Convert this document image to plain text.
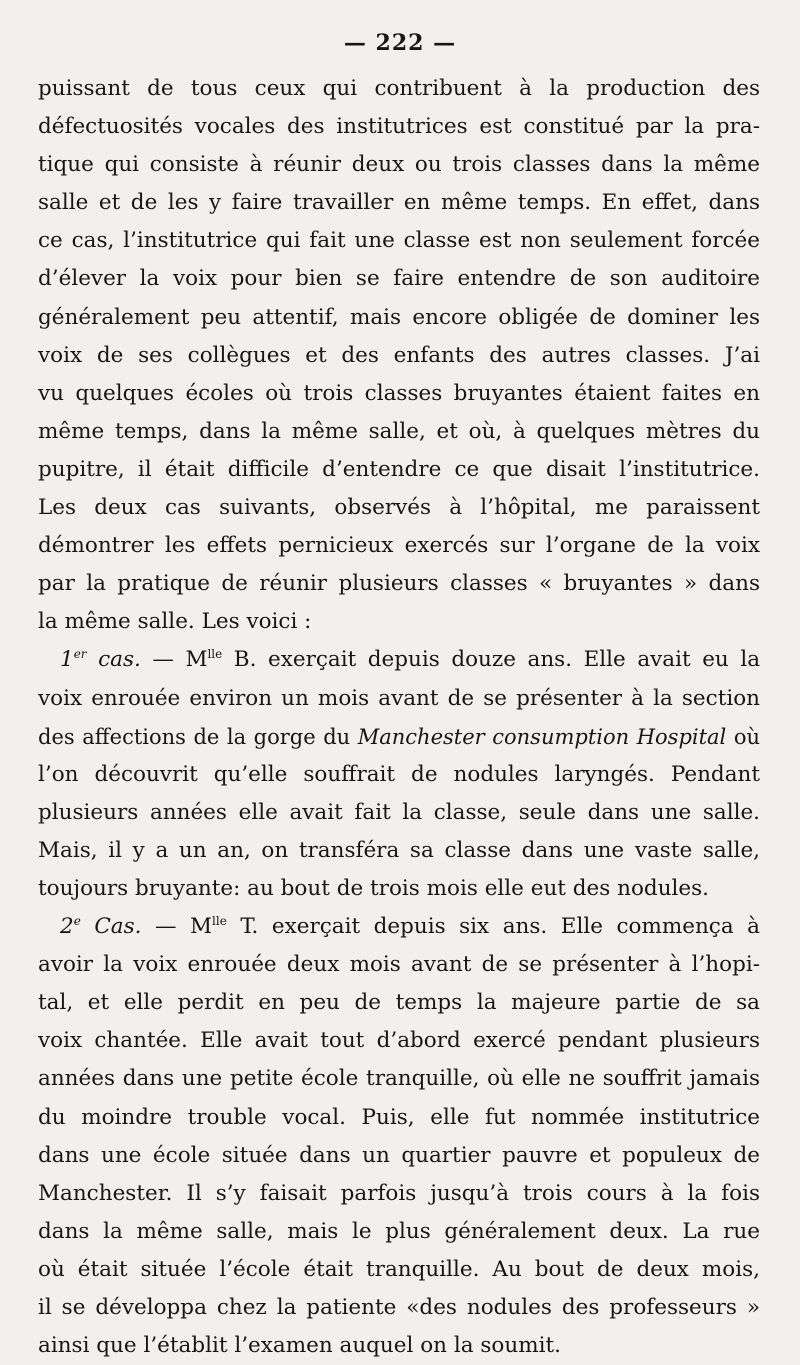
— 222 —
puissant de tous ceux qui contribuent à la production des
défectuosités vocales des institutrices est constitué par la pra-
tique qui consiste à réunir deux ou trois classes dans la même
salle et de les y faire travailler en même temps. En effet, dans
ce cas, l’institutrice qui fait une classe est non seulement forcée
d’élever la voix pour bien se faire entendre de son auditoire
généralement peu attentif, mais encore obligée de dominer les
voix de ses collègues et des enfants des autres classes. J’ai
vu quelques écoles où trois classes bruyantes étaient faites en
même temps, dans la même salle, et où, à quelques mètres du
pupitre, il était difficile d’entendre ce que disait l’institutrice.
Les deux cas suivants, observés à l’hôpital, me paraissent
démontrer les effets pernicieux exercés sur l’organe de la voix
par la pratique de réunir plusieurs classes « bruyantes » dans
la même salle. Les voici :
1er cas. — $M^{lle}$ B. exerçait depuis douze ans. Elle avait eu la
voix enrouée environ un mois avant de se présenter à la section
des affections de la gorge du Manchester consumption Hospital où
l’on découvrit qu’elle souffrait de nodules laryngés. Pendant
plusieurs années elle avait fait la classe, seule dans une salle.
Mais, il y a un an, on transféra sa classe dans une vaste salle,
toujours bruyante: au bout de trois mois elle eut des nodules.
2e Cas. — $M^{lle}$ T. exerçait depuis six ans. Elle commença à
avoir la voix enrouée deux mois avant de se présenter à l’hopi-
tal, et elle perdit en peu de temps la majeure partie de sa
voix chantée. Elle avait tout d’abord exercé pendant plusieurs
années dans une petite école tranquille, où elle ne souffrit jamais
du moindre trouble vocal. Puis, elle fut nommée institutrice
dans une école située dans un quartier pauvre et populeux de
Manchester. Il s’y faisait parfois jusqu’à trois cours à la fois
dans la même salle, mais le plus généralement deux. La rue
où était située l’école était tranquille. Au bout de deux mois,
il se développa chez la patiente «des nodules des professeurs »
ainsi que l’établit l’examen auquel on la soumit.
